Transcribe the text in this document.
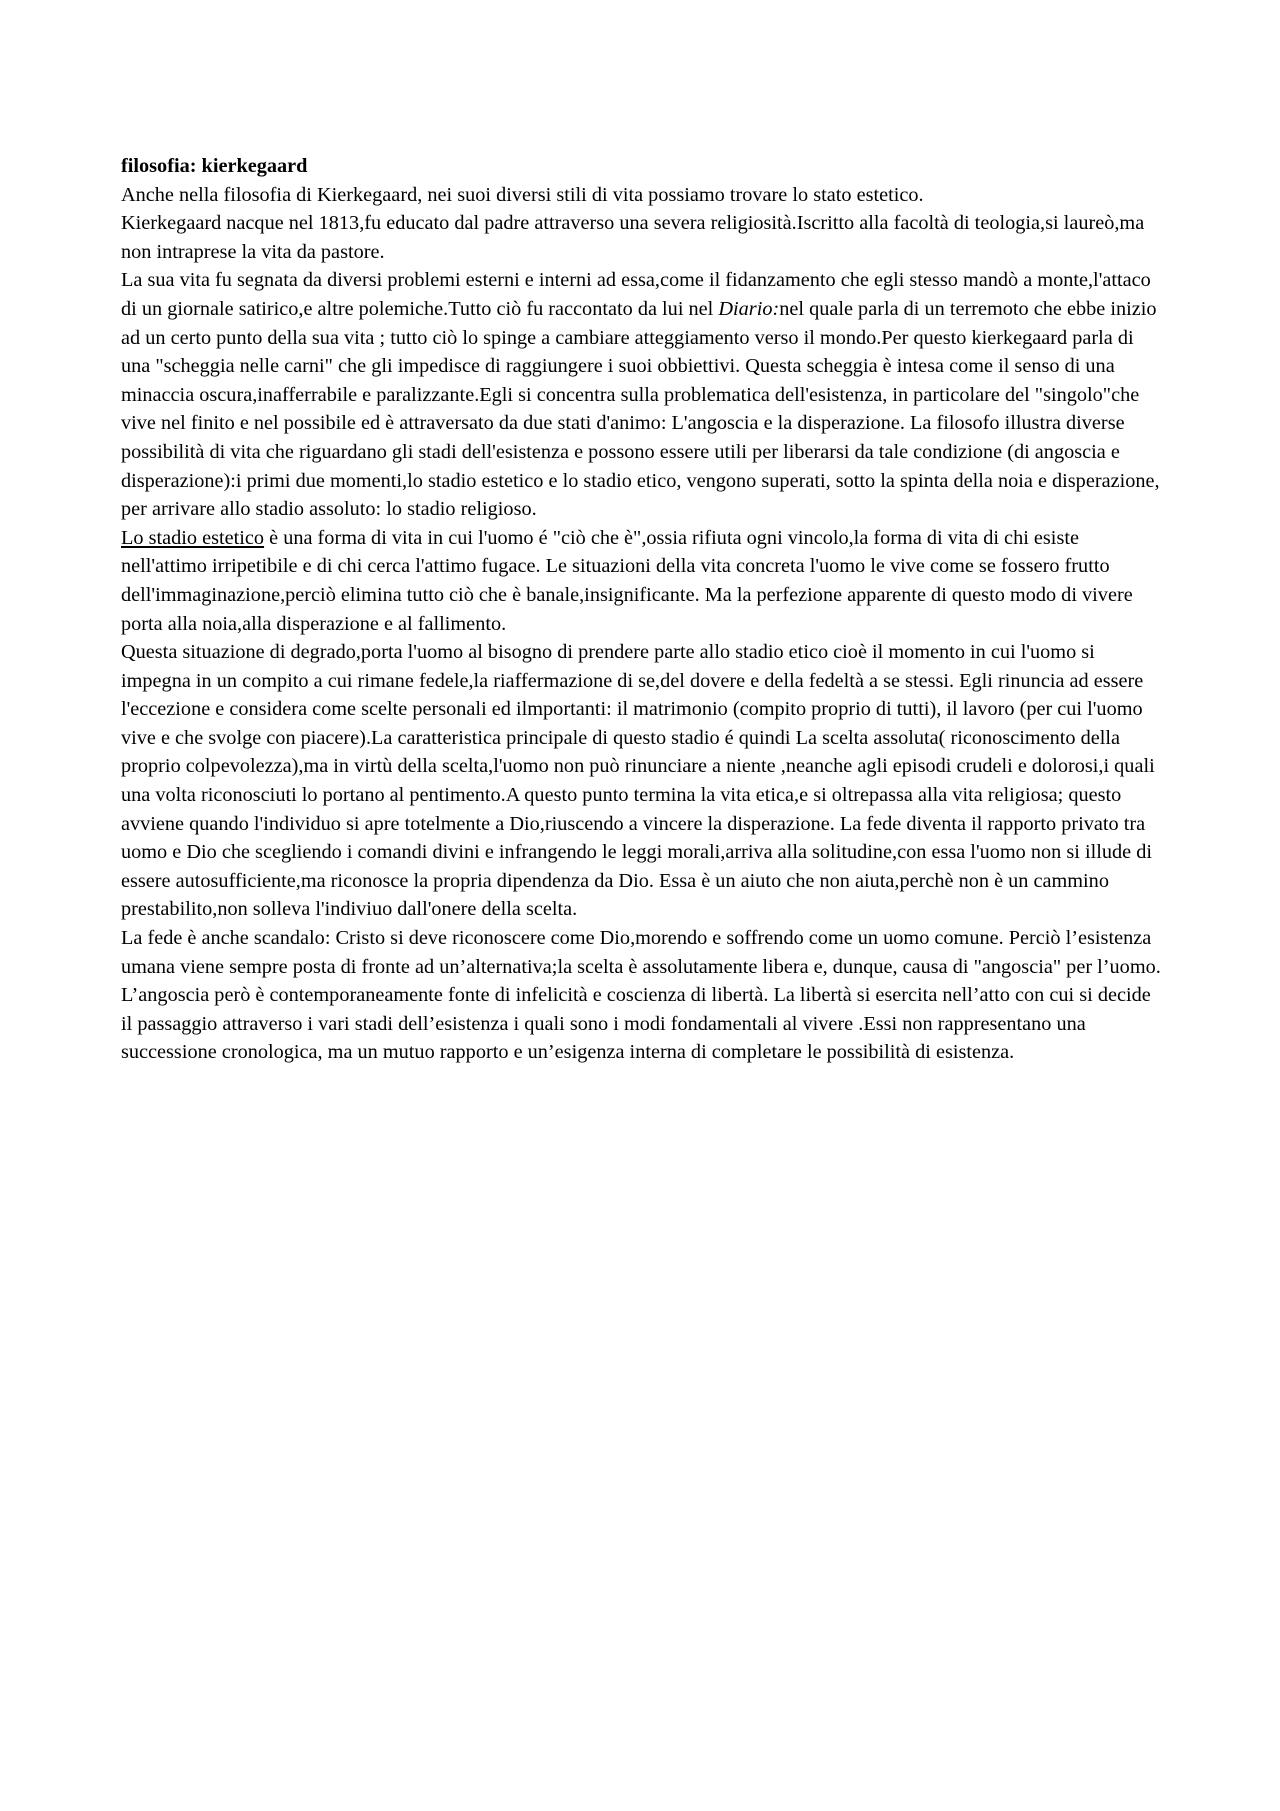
filosofia: kierkegaard

Anche nella filosofia di Kierkegaard, nei suoi diversi stili di vita possiamo trovare lo stato estetico.

Kierkegaard nacque nel 1813,fu educato dal padre attraverso una severa religiosità.Iscritto alla facoltà di teologia,si laureò,ma non intraprese la vita da pastore.

La sua vita fu segnata da diversi problemi esterni e interni ad essa,come il fidanzamento che egli stesso mandò a monte,l'attaco di un giornale satirico,e altre polemiche.Tutto ciò fu raccontato da lui nel Diario:nel quale parla di un terremoto che ebbe inizio ad un certo punto della sua vita ; tutto ciò lo spinge a cambiare atteggiamento verso il mondo.Per questo kierkegaard parla di una "scheggia nelle carni" che gli impedisce di raggiungere i suoi obbiettivi. Questa scheggia è intesa come il senso di una minaccia oscura,inafferrabile e paralizzante.Egli si concentra sulla problematica dell'esistenza, in particolare del "singolo"che vive nel finito e nel possibile ed è attraversato da due stati d'animo: L'angoscia e la disperazione. La filosofo illustra diverse possibilità di vita che riguardano gli stadi dell'esistenza e possono essere utili per liberarsi da tale condizione (di angoscia e disperazione):i primi due momenti,lo stadio estetico e lo stadio etico, vengono superati, sotto la spinta della noia e disperazione, per arrivare allo stadio assoluto: lo stadio religioso.

Lo stadio estetico è una forma di vita in cui l'uomo é "ciò che è",ossia rifiuta ogni vincolo,la forma di vita di chi esiste nell'attimo irripetibile e di chi cerca l'attimo fugace. Le situazioni della vita concreta l'uomo le vive come se fossero frutto dell'immaginazione,perciò elimina tutto ciò che è banale,insignificante. Ma la perfezione apparente di questo modo di vivere porta alla noia,alla disperazione e al fallimento.

Questa situazione di degrado,porta l'uomo al bisogno di prendere parte allo stadio etico cioè il momento in cui l'uomo si impegna in un compito a cui rimane fedele,la riaffermazione di se,del dovere e della fedeltà a se stessi. Egli rinuncia ad essere l'eccezione e considera come scelte personali ed ilmportanti: il matrimonio (compito proprio di tutti), il lavoro (per cui l'uomo vive e che svolge con piacere).La caratteristica principale di questo stadio é quindi La scelta assoluta( riconoscimento della proprio colpevolezza),ma in virtù della scelta,l'uomo non può rinunciare a niente ,neanche agli episodi crudeli e dolorosi,i quali una volta riconosciuti lo portano al pentimento.A questo punto termina la vita etica,e si oltrepassa alla vita religiosa; questo avviene quando l'individuo si apre totelmente a Dio,riuscendo a vincere la disperazione. La fede diventa il rapporto privato tra uomo e Dio che scegliendo i comandi divini e infrangendo le leggi morali,arriva alla solitudine,con essa l'uomo non si illude di essere autosufficiente,ma riconosce la propria dipendenza da Dio. Essa è un aiuto che non aiuta,perchè non è un cammino prestabilito,non solleva l'indiviuo dall'onere della scelta.

La fede è anche scandalo: Cristo si deve riconoscere come Dio,morendo e soffrendo come un uomo comune. Perciò l’esistenza umana viene sempre posta di fronte ad un’alternativa;la scelta è assolutamente libera e, dunque, causa di "angoscia" per l’uomo. L’angoscia però è contemporaneamente fonte di infelicità e coscienza di libertà. La libertà si esercita nell’atto con cui si decide il passaggio attraverso i vari stadi dell’esistenza i quali sono i modi fondamentali al vivere .Essi non rappresentano una successione cronologica, ma un mutuo rapporto e un’esigenza interna di completare le possibilità di esistenza.
